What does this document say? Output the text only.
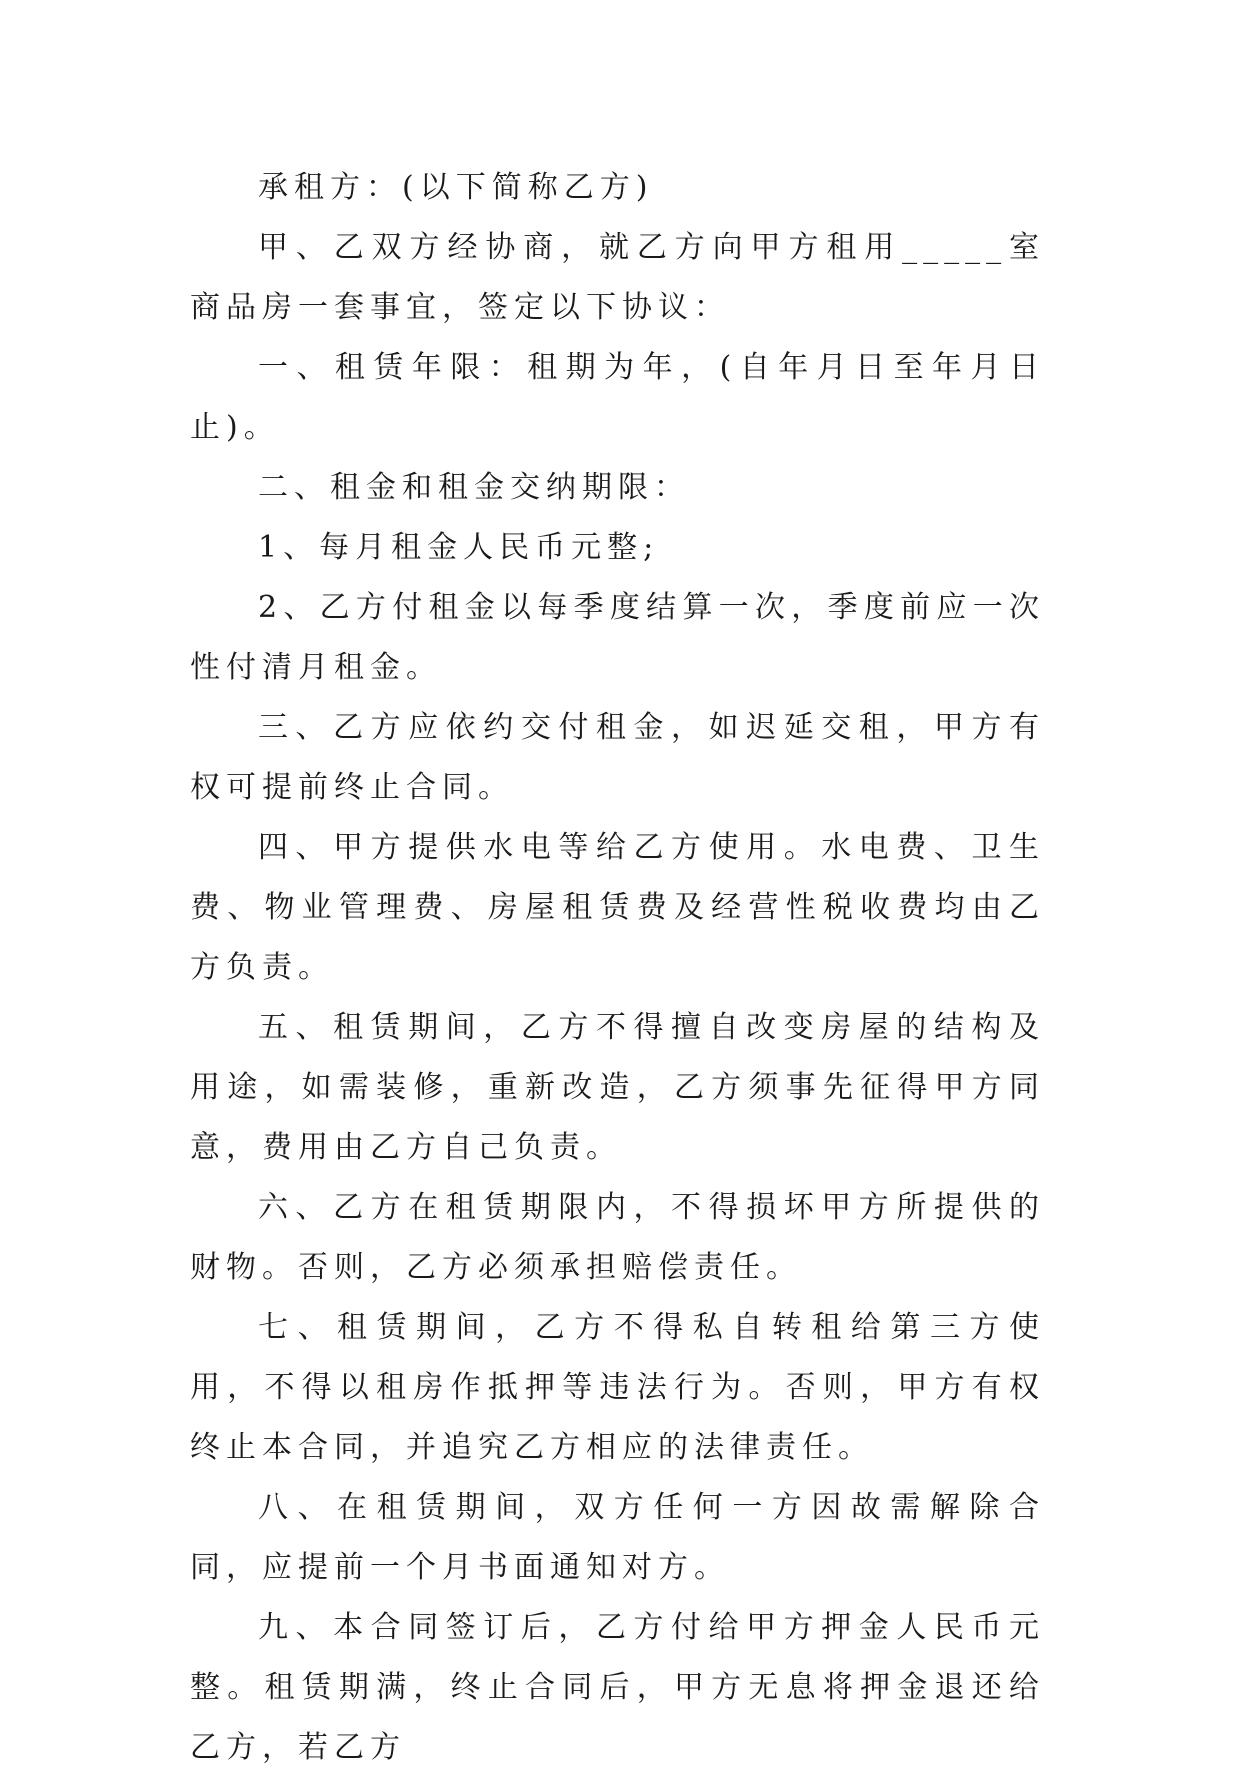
承租方：(以下简称乙方)

甲、乙双方经协商，就乙方向甲方租用_____室商品房一套事宜，签定以下协议：

一、租赁年限：租期为年，(自年月日至年月日止)。

二、租金和租金交纳期限：

1、每月租金人民币元整;

2、乙方付租金以每季度结算一次，季度前应一次性付清月租金。

三、乙方应依约交付租金，如迟延交租，甲方有权可提前终止合同。

四、甲方提供水电等给乙方使用。水电费、卫生费、物业管理费、房屋租赁费及经营性税收费均由乙方负责。

五、租赁期间，乙方不得擅自改变房屋的结构及用途，如需装修，重新改造，乙方须事先征得甲方同意，费用由乙方自己负责。

六、乙方在租赁期限内，不得损坏甲方所提供的财物。否则，乙方必须承担赔偿责任。

七、租赁期间，乙方不得私自转租给第三方使用，不得以租房作抵押等违法行为。否则，甲方有权终止本合同，并追究乙方相应的法律责任。

八、在租赁期间，双方任何一方因故需解除合同，应提前一个月书面通知对方。

九、本合同签订后，乙方付给甲方押金人民币元整。租赁期满，终止合同后，甲方无息将押金退还给乙方，若乙方
